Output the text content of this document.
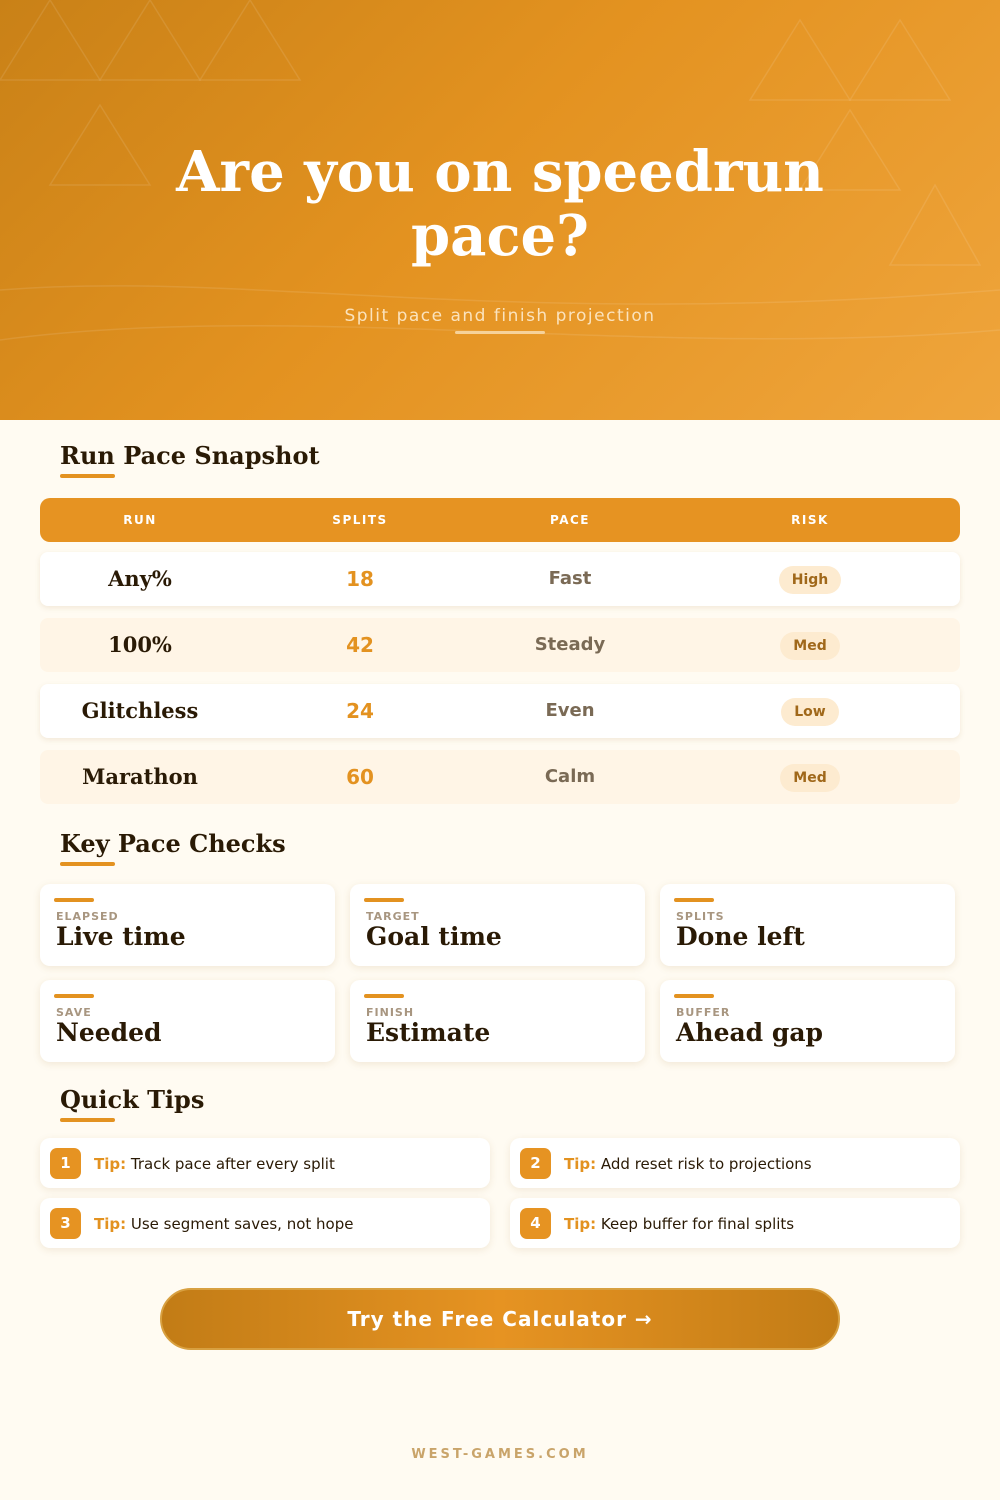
Are you on speedrun pace?
Split pace and finish projection
Run Pace Snapshot
RUN	SPLITS	PACE	RISK
Any%	18	Fast	High
100%	42	Steady	Med
Glitchless	24	Even	Low
Marathon	60	Calm	Med
Key Pace Checks
ELAPSED
Live time
TARGET
Goal time
SPLITS
Done left
SAVE
Needed
FINISH
Estimate
BUFFER
Ahead gap
Quick Tips
1	Tip: Track pace after every split	2	Tip: Add reset risk to projections
3	Tip: Use segment saves, not hope	4	Tip: Keep buffer for final splits
Try the Free Calculator →
WEST-GAMES.COM
